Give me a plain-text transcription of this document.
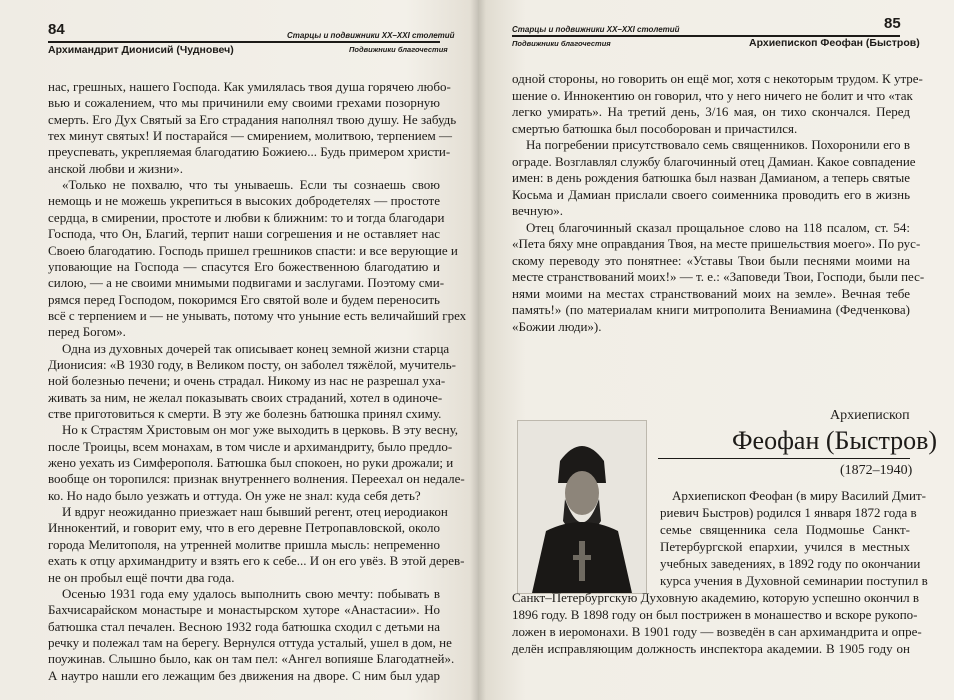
84	Старцы и подвижники XX–XXI столетий
Архимандрит Дионисий (Чудновеч)	Подвижники благочестия
нас, грешных, нашего Господа. Как умилялась твоя душа горячею любо-
вью и сожалением, что мы причинили ему своими грехами позорную
смерть. Его Дух Святый за Его страдания наполнял твою душу. Не забудь
тех минут святых! И постарайся — смирением, молитвою, терпением —
преуспевать, укрепляемая благодатию Божиею... Будь примером христи-
анской любви и жизни».
«Только не похвалю, что ты унываешь. Если ты сознаешь свою
немощь и не можешь укрепиться в высоких добродетелях — простоте
сердца, в смирении, простоте и любви к ближним: то и тогда благодари
Господа, что Он, Благий, терпит наши согрешения и не оставляет нас
Своею благодатию. Господь пришел грешников спасти: и все верующие и
уповающие на Господа — спасутся Его божественною благодатию и
силою, — а не своими мнимыми подвигами и заслугами. Поэтому сми-
рямся перед Господом, покоримся Его святой воле и будем переносить
всё с терпением и — не унывать, потому что уныние есть величайший грех
перед Богом».
Одна из духовных дочерей так описывает конец земной жизни старца
Дионисия: «В 1930 году, в Великом посту, он заболел тяжёлой, мучитель-
ной болезнью печени; и очень страдал. Никому из нас не разрешал уха-
живать за ним, не желал показывать своих страданий, хотел в одиноче-
стве приготовиться к смерти. В эту же болезнь батюшка принял схиму.
Но к Страстям Христовым он мог уже выходить в церковь. В эту весну,
после Троицы, всем монахам, в том числе и архимандриту, было предло-
жено уехать из Симферополя. Батюшка был спокоен, но руки дрожали; и
вообще он торопился: признак внутреннего волнения. Переехал он недале-
ко. Но надо было уезжать и оттуда. Он уже не знал: куда себя деть?
И вдруг неожиданно приезжает наш бывший регент, отец иеродиакон
Иннокентий, и говорит ему, что в его деревне Петропавловской, около
города Мелитополя, на утренней молитве пришла мысль: непременно
ехать к отцу архимандриту и взять его к себе... И он его увёз. В этой дерев-
не он пробыл ещё почти два года.
Осенью 1931 года ему удалось выполнить свою мечту: побывать в
Бахчисарайском монастыре и монастырском хуторе «Анастасии». Но
батюшка стал печален. Весною 1932 года батюшка сходил с детьми на
речку и полежал там на берегу. Вернулся оттуда усталый, ушел в дом, не
поужинав. Слышно было, как он там пел: «Ангел вопияше Благодатней».
А наутро нашли его лежащим без движения на дворе. С ним был удар
Старцы и подвижники XX–XXI столетий	85
Подвижники благочестия	Архиепископ Феофан (Быстров)
одной стороны, но говорить он ещё мог, хотя с некоторым трудом. К утре-
шение о. Иннокентию он говорил, что у него ничего не болит и что «так
легко умирать». На третий день, 3/16 мая, он тихо скончался. Перед
смертью батюшка был пособорован и причастился.
На погребении присутствовало семь священников. Похоронили его в
ограде. Возглавлял службу благочинный отец Дамиан. Какое совпадение
имен: в день рождения батюшка был назван Дамианом, а теперь святые
Косьма и Дамиан прислали своего соименника проводить его в жизнь
вечную».
Отец благочинный сказал прощальное слово на 118 псалом, ст. 54:
«Пета бяху мне оправдания Твоя, на месте пришельствия моего». По рус-
скому переводу это понятнее: «Уставы Твои были песнями моими на
месте странствований моих!» — т. е.: «Заповеди Твои, Господи, были пес-
нями моими на местах странствований моих на земле». Вечная тебе
память!» (по материалам книги митрополита Вениамина (Федченкова)
«Божии люди»).
Архиепископ
Феофан (Быстров)
(1872–1940)
Архиепископ Феофан (в миру Василий Дмит-
риевич Быстров) родился 1 января 1872 года в
семье священника села Подмошье Санкт-
Петербургской епархии, учился в местных
учебных заведениях, в 1892 году по окончании
курса учения в Духовной семинарии поступил в
Санкт–Петербургскую Духовную академию, которую успешно окончил в
1896 году. В 1898 году он был пострижен в монашество и вскоре рукопо-
ложен в иеромонахи. В 1901 году — возведён в сан архимандрита и опре-
делён исправляющим должность инспектора академии. В 1905 году он
